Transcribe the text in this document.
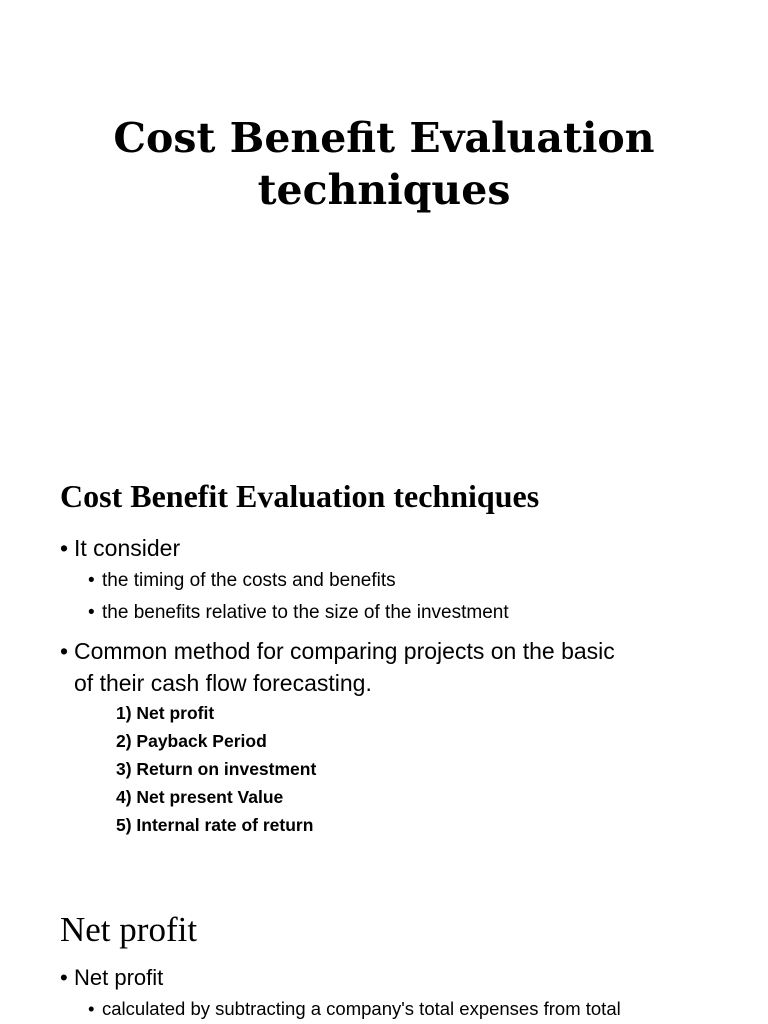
Cost Benefit Evaluation
techniques
Cost Benefit Evaluation techniques

• It consider

• the timing of the costs and benefits

• the benefits relative to the size of the investment

• Common method for comparing projects on the basic
of their cash flow forecasting.

1) Net profit

2) Payback Period

3) Return on investment

4) Net present Value

5) Internal rate of return

Net profit

• Net profit

• calculated by subtracting a company's total expenses from total
